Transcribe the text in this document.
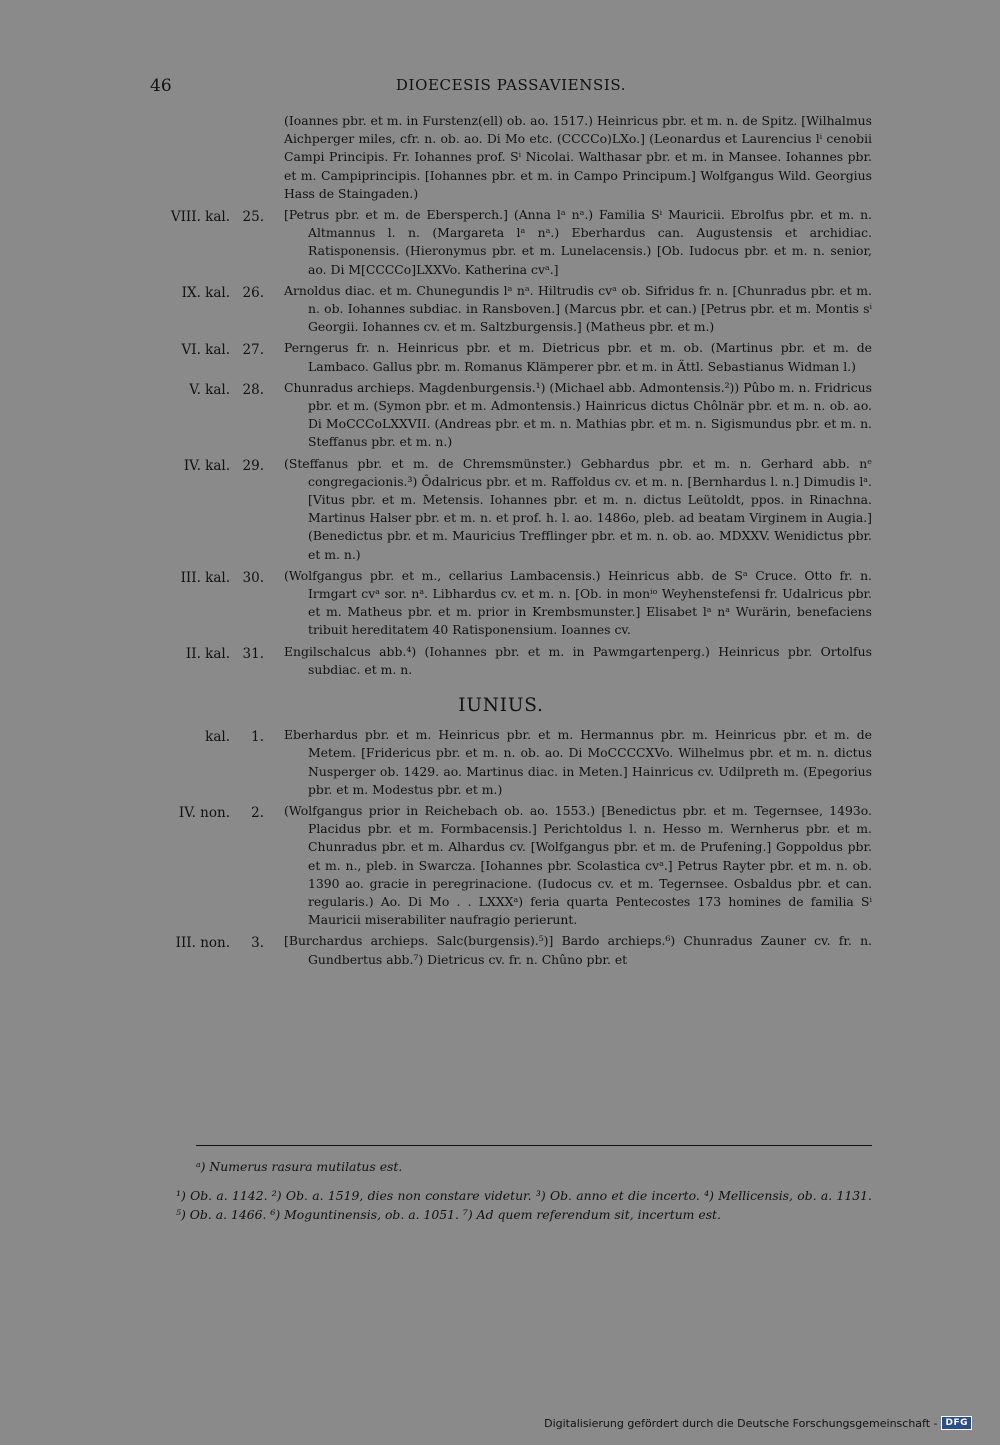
46	DIOECESIS PASSAVIENSIS.
(Ioannes pbr. et m. in Furstenz(ell) ob. ao. 1517.) Heinricus pbr. et m. n. de Spitz. [Wilhalmus Aichperger miles, cfr. n. ob. ao. Di Mo etc. (CCCCo)LXo.] (Leonardus et Laurencius lⁱ cenobii Campi Principis. Fr. Iohannes prof. Sⁱ Nicolai. Walthasar pbr. et m. in Mansee. Iohannes pbr. et m. Campiprincipis. [Iohannes pbr. et m. in Campo Principum.] Wolfgangus Wild. Georgius Hass de Staingaden.)
VIII. kal. 25. [Petrus pbr. et m. de Ebersperch.] (Anna lᵃ nᵃ.) Familia Sⁱ Mauricii. Ebrolfus pbr. et m. n. Altmannus l. n. (Margareta lᵃ nᵃ.) Eberhardus can. Augustensis et archidiac. Ratisponensis. (Hieronymus pbr. et m. Lunelacensis.) [Ob. Iudocus pbr. et m. n. senior, ao. Di M[CCCCo]LXXVo. Katherina cvᵃ.]
IX. kal. 26. Arnoldus diac. et m. Chunegundis lᵃ nᵃ. Hiltrudis cvᵃ ob. Sifridus fr. n. [Chunradus pbr. et m. n. ob. Iohannes subdiac. in Ransboven.] (Marcus pbr. et can.) [Petrus pbr. et m. Montis sⁱ Georgii. Iohannes cv. et m. Saltzburgensis.] (Matheus pbr. et m.)
VI. kal. 27. Perngerus fr. n. Heinricus pbr. et m. Dietricus pbr. et m. ob. (Martinus pbr. et m. de Lambaco. Gallus pbr. m. Romanus Klämperer pbr. et m. in Ättl. Sebastianus Widman l.)
V. kal. 28. Chunradus archieps. Magdenburgensis.¹) (Michael abb. Admontensis.²)) Pûbo m. n. Fridricus pbr. et m. (Symon pbr. et m. Admontensis.) Hainricus dictus Chôlnär pbr. et m. n. ob. ao. Di MoCCCoLXXVII. (Andreas pbr. et m. n. Mathias pbr. et m. n. Sigismundus pbr. et m. n. Steffanus pbr. et m. n.)
IV. kal. 29. (Steffanus pbr. et m. de Chremsmünster.) Gebhardus pbr. et m. n. Gerhard abb. nᵉ congregacionis.³) Ôdalricus pbr. et m. Raffoldus cv. et m. n. [Bernhardus l. n.] Dimudis lᵃ. [Vitus pbr. et m. Metensis. Iohannes pbr. et m. n. dictus Leütoldt, ppos. in Rinachna. Martinus Halser pbr. et m. n. et prof. h. l. ao. 1486o, pleb. ad beatam Virginem in Augia.] (Benedictus pbr. et m. Mauricius Trefflinger pbr. et m. n. ob. ao. MDXXV. Wenidictus pbr. et m. n.)
III. kal. 30. (Wolfgangus pbr. et m., cellarius Lambacensis.) Heinricus abb. de Sᵃ Cruce. Otto fr. n. Irmgart cvᵃ sor. nᵃ. Libhardus cv. et m. n. [Ob. in monⁱᵒ Weyhenstefensi fr. Udalricus pbr. et m. Matheus pbr. et m. prior in Krembsmunster.] Elisabet lᵃ nᵃ Wurärin, benefaciens tribuit hereditatem 40 Ratisponensium. Ioannes cv.
II. kal. 31. Engilschalcus abb.⁴) (Iohannes pbr. et m. in Pawmgartenperg.) Heinricus pbr. Ortolfus subdiac. et m. n.
IUNIUS.
kal.	1. Eberhardus pbr. et m. Heinricus pbr. et m. Hermannus pbr. m. Heinricus pbr. et m. de Metem. [Fridericus pbr. et m. n. ob. ao. Di MoCCCCXVo. Wilhelmus pbr. et m. n. dictus Nusperger ob. 1429. ao. Martinus diac. in Meten.] Hainricus cv. Udilpreth m. (Epegorius pbr. et m. Modestus pbr. et m.)
IV. non.	2. (Wolfgangus prior in Reichebach ob. ao. 1553.) [Benedictus pbr. et m. Tegernsee, 1493o. Placidus pbr. et m. Formbacensis.] Perichtoldus l. n. Hesso m. Wernherus pbr. et m. Chunradus pbr. et m. Alhardus cv. [Wolfgangus pbr. et m. de Prufening.] Goppoldus pbr. et m. n., pleb. in Swarcza. [Iohannes pbr. Scolastica cvᵃ.] Petrus Rayter pbr. et m. n. ob. 1390 ao. gracie in peregrinacione. (Iudocus cv. et m. Tegernsee. Osbaldus pbr. et can. regularis.) Ao. Di Mo . . LXXXᵃ) feria quarta Pentecostes 173 homines de familia Sⁱ Mauricii miserabiliter naufragio perierunt.
III. non.	3. [Burchardus archieps. Salc(burgensis).⁵)] Bardo archieps.⁶) Chunradus Zauner cv. fr. n. Gundbertus abb.⁷) Dietricus cv. fr. n. Chûno pbr. et
ᵃ) Numerus rasura mutilatus est.
¹) Ob. a. 1142. ²) Ob. a. 1519, dies non constare videtur. ³) Ob. anno et die incerto. ⁴) Mellicensis, ob. a. 1131. ⁵) Ob. a. 1466. ⁶) Moguntinensis, ob. a. 1051. ⁷) Ad quem referendum sit, incertum est.
Digitalisierung gefördert durch die Deutsche Forschungsgemeinschaft - DFG
